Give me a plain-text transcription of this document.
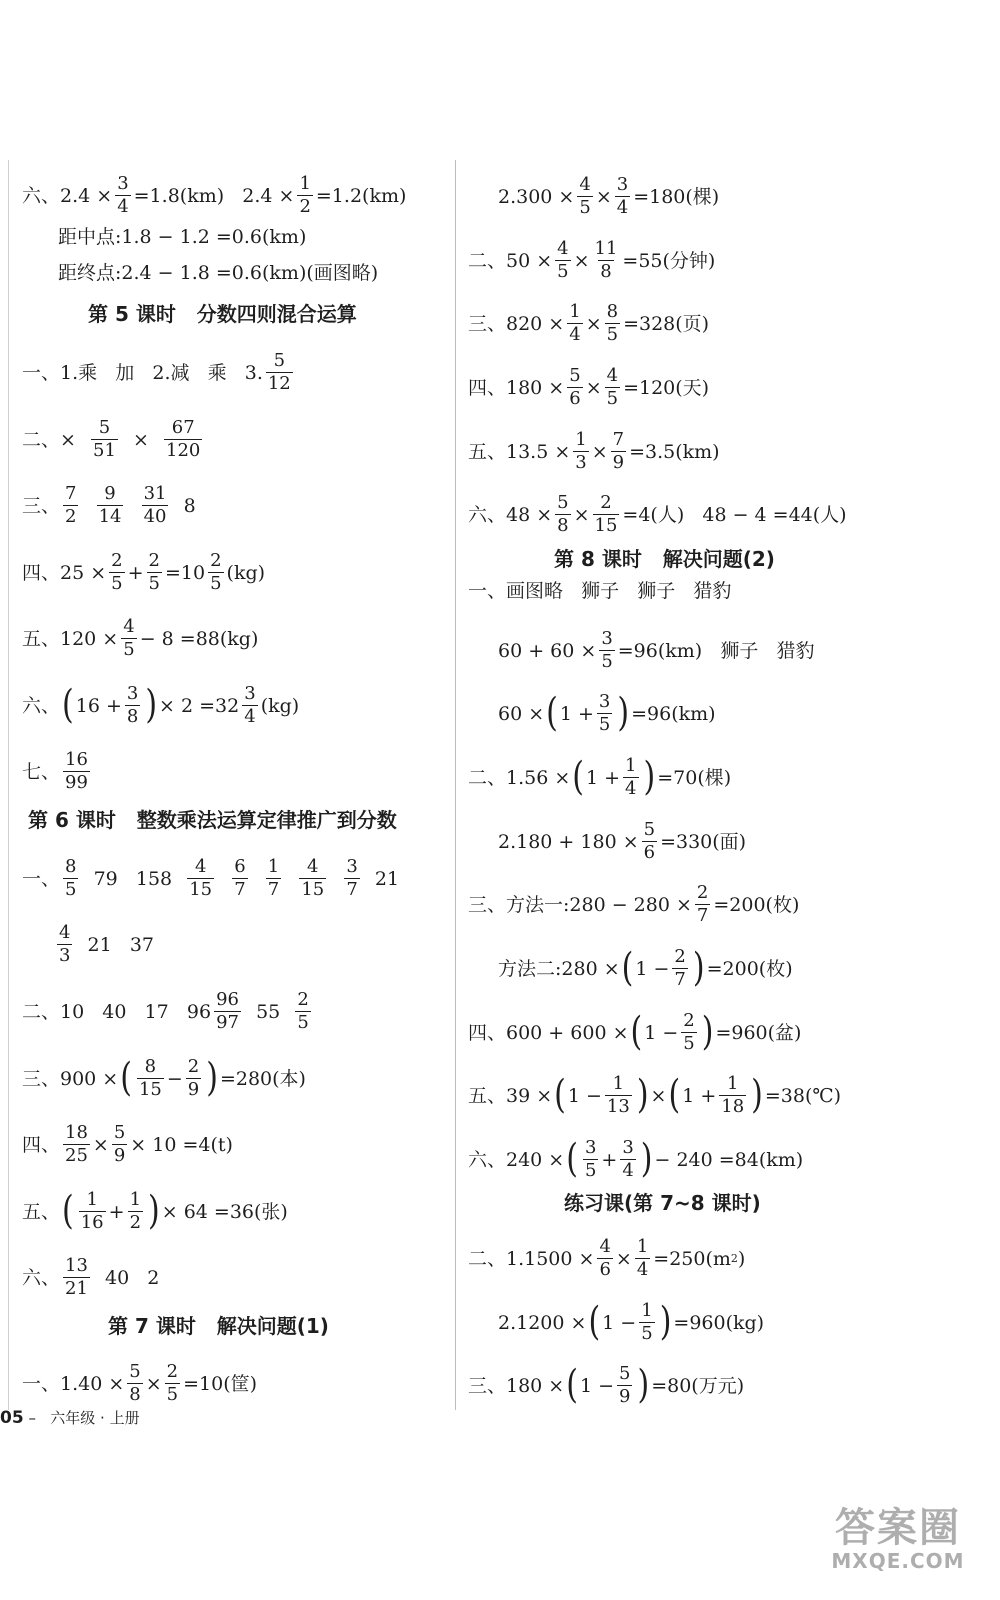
六、$2.4 \times \frac{3}{4} =1.8(km) 2.4 \times \frac{1}{2} =1.2(km)$
距中点:1.8 − 1.2 =0.6(km)
距终点:2.4 − 1.8 =0.6(km)(画图略)
第 5 课时   分数四则混合运算
一、1.乘   加   2.减   乘   3. $\frac{5}{12}$
二、×
$\frac{5}{51}$
×
$\frac{67}{120}$
三、 $\frac{7}{2}$
$\frac{9}{14}$
$\frac{31}{40}$
8
四、$25 \times \frac{2}{5} + \frac{2}{5} =10 \frac{2}{5} (kg)$
五、$120 \times \frac{4}{5} - 8 =88(kg)$
六、 ( $16 + \frac{3}{8}$ ) × $2 =32 \frac{3}{4} (kg)$
七、 $\frac{16}{99}$
第 6 课时   整数乘法运算定律推广到分数
一、 $\frac{8}{5}$
79   158
$\frac{4}{15}$
$\frac{6}{7}$
$\frac{1}{7}$
$\frac{4}{15}$
$\frac{3}{7}$
21
$\frac{4}{3}$
21   37
二、10   40   17   $96 \frac{96}{97}$
55
$\frac{2}{5}$
三、900 × ( $\frac{8}{15} - \frac{2}{9}$ ) =280(本)
四、 $\frac{18}{25} \times \frac{5}{9} \times 10 =4(t)$
五、 ( $\frac{1}{16} + \frac{1}{2}$ ) × 64 =36(张)
六、 $\frac{13}{21}$
40   2
第 7 课时   解决问题(1)
一、$1.40 \times \frac{5}{8} \times \frac{2}{5} =10$(筐)
$2.300 \times \frac{4}{5} \times \frac{3}{4} =180$(棵)
二、$50 \times \frac{4}{5} \times \frac{11}{8} =55$(分钟)
三、$820 \times \frac{1}{4} \times \frac{8}{5} =328$(页)
四、$180 \times \frac{5}{6} \times \frac{4}{5} =120$(天)
五、$13.5 \times \frac{1}{3} \times \frac{7}{9} =3.5(km)$
六、$48 \times \frac{5}{8} \times \frac{2}{15} =4$(人)   48 − 4 =44(人)
第 8 课时   解决问题(2)
一、画图略   狮子   狮子   猎豹
$60 + 60 \times \frac{3}{5} =96(km)$   狮子   猎豹
60 × ( $1 + \frac{3}{5}$ ) =96(km)
二、1.56 × ( $1 + \frac{1}{4}$ ) =70(棵)
$2.180 + 180 \times \frac{5}{6} =330$(面)
三、方法一:280 − $280 \times \frac{2}{7} =200$(枚)
方法二:280 × ( $1 - \frac{2}{7}$ ) =200(枚)
四、600 + 600 × ( $1 - \frac{2}{5}$ ) =960(盆)
五、39 × ( $1 - \frac{1}{13}$ ) × ( $1 + \frac{1}{18}$ ) =38(℃)
六、240 × ( $\frac{3}{5} + \frac{3}{4}$ ) − 240 =84(km)
练习课(第 7~8 课时)
二、$1.1500 \times \frac{4}{6} \times \frac{1}{4} =250(m$ 2 )
2.1200 × ( $1 - \frac{1}{5}$ ) =960(kg)
三、180 × ( $1 - \frac{5}{9}$ ) =80(万元)
05 –   六年级 · 上册
答案圈
MXQE.COM
